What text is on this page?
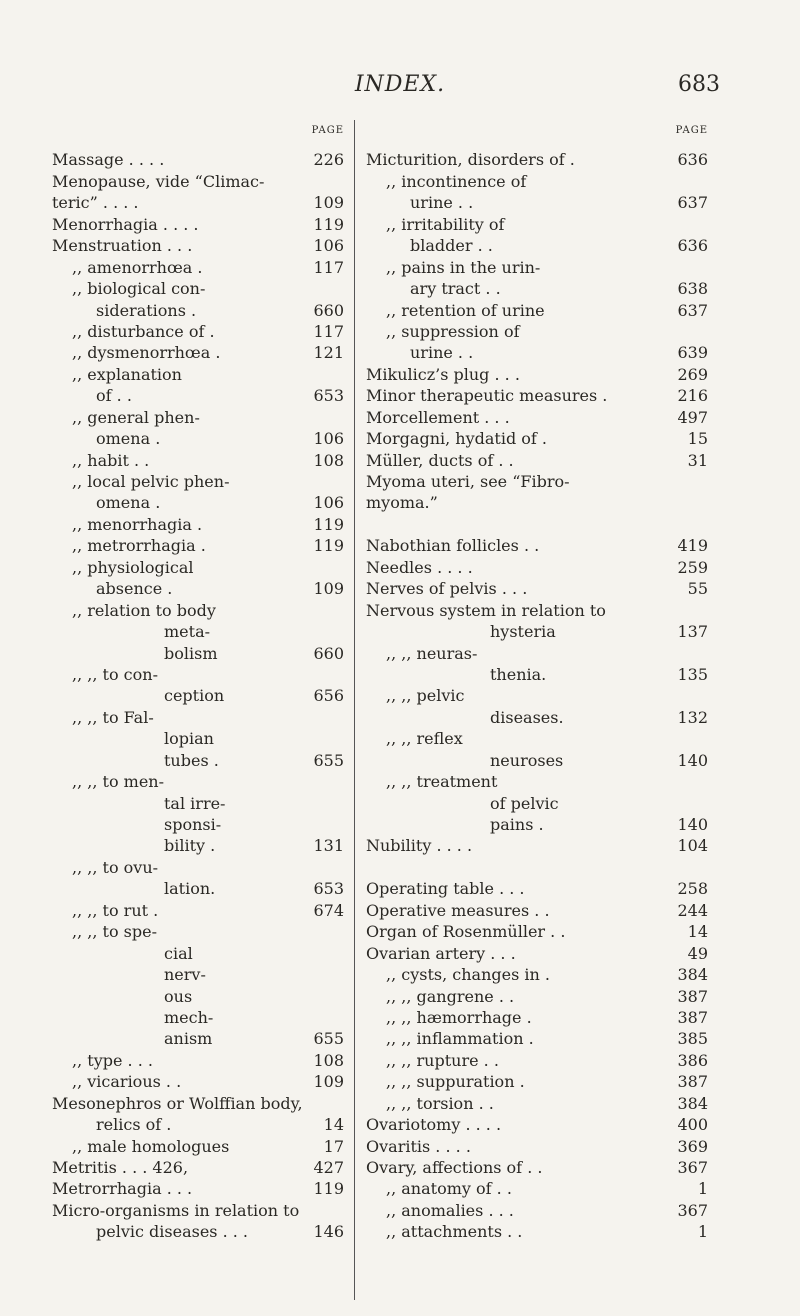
INDEX.	683
PAGE
Massage . . . .	226
Menopause, vide “Climac-
teric” . . . .	109
Menorrhagia . . . .	119
Menstruation . . .	106
,, amenorrhœa .	117
,, biological con-
siderations .	660
,, disturbance of .	117
,, dysmenorrhœa .	121
,, explanation
of . .	653
,, general phen-
omena .	106
,, habit . .	108
,, local pelvic phen-
omena .	106
,, menorrhagia .	119
,, metrorrhagia .	119
,, physiological
absence .	109
,, relation to body
meta-
bolism	660
,, ,, to con-
ception	656
,, ,, to Fal-
lopian
tubes .	655
,, ,, to men-
tal irre-
sponsi-
bility .	131
,, ,, to ovu-
lation.	653
,, ,, to rut .	674
,, ,, to spe-
cial
nerv-
ous
mech-
anism	655
,, type . . .	108
,, vicarious . .	109
Mesonephros or Wolffian body,
relics of .	14
,, male homologues	17
Metritis . . . 426,	427
Metrorrhagia . . .	119
Micro-organisms in relation to
pelvic diseases . . .	146
PAGE
Micturition, disorders of .	636
,, incontinence of
urine . .	637
,, irritability of
bladder . .	636
,, pains in the urin-
ary tract . .	638
,, retention of urine	637
,, suppression of
urine . .	639
Mikulicz’s plug . . .	269
Minor therapeutic measures .	216
Morcellement . . .	497
Morgagni, hydatid of .	15
Müller, ducts of . .	31
Myoma uteri, see “Fibro-
myoma.”
Nabothian follicles . .	419
Needles . . . .	259
Nerves of pelvis . . .	55
Nervous system in relation to
hysteria	137
,, ,, neuras-
thenia.	135
,, ,, pelvic
diseases.	132
,, ,, reflex
neuroses	140
,, ,, treatment
of pelvic
pains .	140
Nubility . . . .	104
Operating table . . .	258
Operative measures . .	244
Organ of Rosenmüller . .	14
Ovarian artery . . .	49
,, cysts, changes in .	384
,, ,, gangrene . .	387
,, ,, hæmorrhage .	387
,, ,, inflammation .	385
,, ,, rupture . .	386
,, ,, suppuration .	387
,, ,, torsion . .	384
Ovariotomy . . . .	400
Ovaritis . . . .	369
Ovary, affections of . .	367
,, anatomy of . .	1
,, anomalies . . .	367
,, attachments . .	1
